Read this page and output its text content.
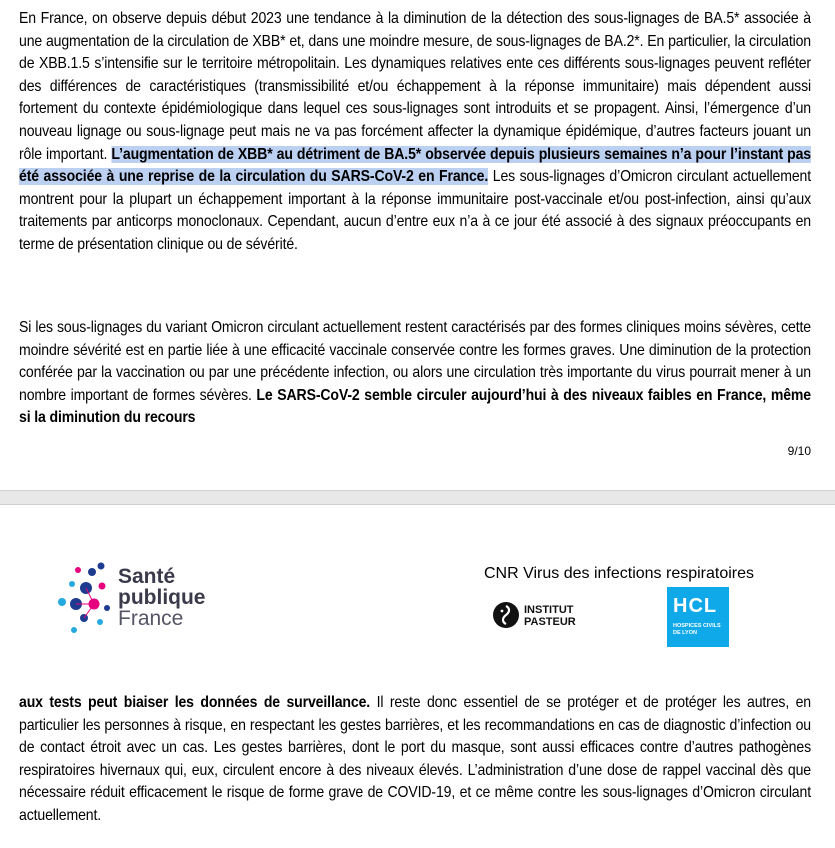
En France, on observe depuis début 2023 une tendance à la diminution de la détection des sous-lignages de BA.5* associée à une augmentation de la circulation de XBB* et, dans une moindre mesure, de sous-lignages de BA.2*. En particulier, la circulation de XBB.1.5 s’intensifie sur le territoire métropolitain. Les dynamiques relatives ente ces différents sous-lignages peuvent refléter des différences de caractéristiques (transmissibilité et/ou échappement à la réponse immunitaire) mais dépendent aussi fortement du contexte épidémiologique dans lequel ces sous-lignages sont introduits et se propagent. Ainsi, l’émergence d’un nouveau lignage ou sous-lignage peut mais ne va pas forcément affecter la dynamique épidémique, d’autres facteurs jouant un rôle important. L’augmentation de XBB* au détriment de BA.5* observée depuis plusieurs semaines n’a pour l’instant pas été associée à une reprise de la circulation du SARS-CoV-2 en France. Les sous-lignages d’Omicron circulant actuellement montrent pour la plupart un échappement important à la réponse immunitaire post-vaccinale et/ou post-infection, ainsi qu’aux traitements par anticorps monoclonaux. Cependant, aucun d’entre eux n’a à ce jour été associé à des signaux préoccupants en terme de présentation clinique ou de sévérité.

Si les sous-lignages du variant Omicron circulant actuellement restent caractérisés par des formes cliniques moins sévères, cette moindre sévérité est en partie liée à une efficacité vaccinale conservée contre les formes graves. Une diminution de la protection conférée par la vaccination ou par une précédente infection, ou alors une circulation très importante du virus pourrait mener à un nombre important de formes sévères. Le SARS-CoV-2 semble circuler aujourd’hui à des niveaux faibles en France, même si la diminution du recours

9/10
Santé
publique
France
CNR Virus des infections respiratoires
INSTITUT
PASTEUR
HCL
HOSPICES CIVILS
DE LYON

aux tests peut biaiser les données de surveillance. Il reste donc essentiel de se protéger et de protéger les autres, en particulier les personnes à risque, en respectant les gestes barrières, et les recommandations en cas de diagnostic d’infection ou de contact étroit avec un cas. Les gestes barrières, dont le port du masque, sont aussi efficaces contre d’autres pathogènes respiratoires hivernaux qui, eux, circulent encore à des niveaux élevés. L’administration d’une dose de rappel vaccinal dès que nécessaire réduit efficacement le risque de forme grave de COVID-19, et ce même contre les sous-lignages d’Omicron circulant actuellement.
